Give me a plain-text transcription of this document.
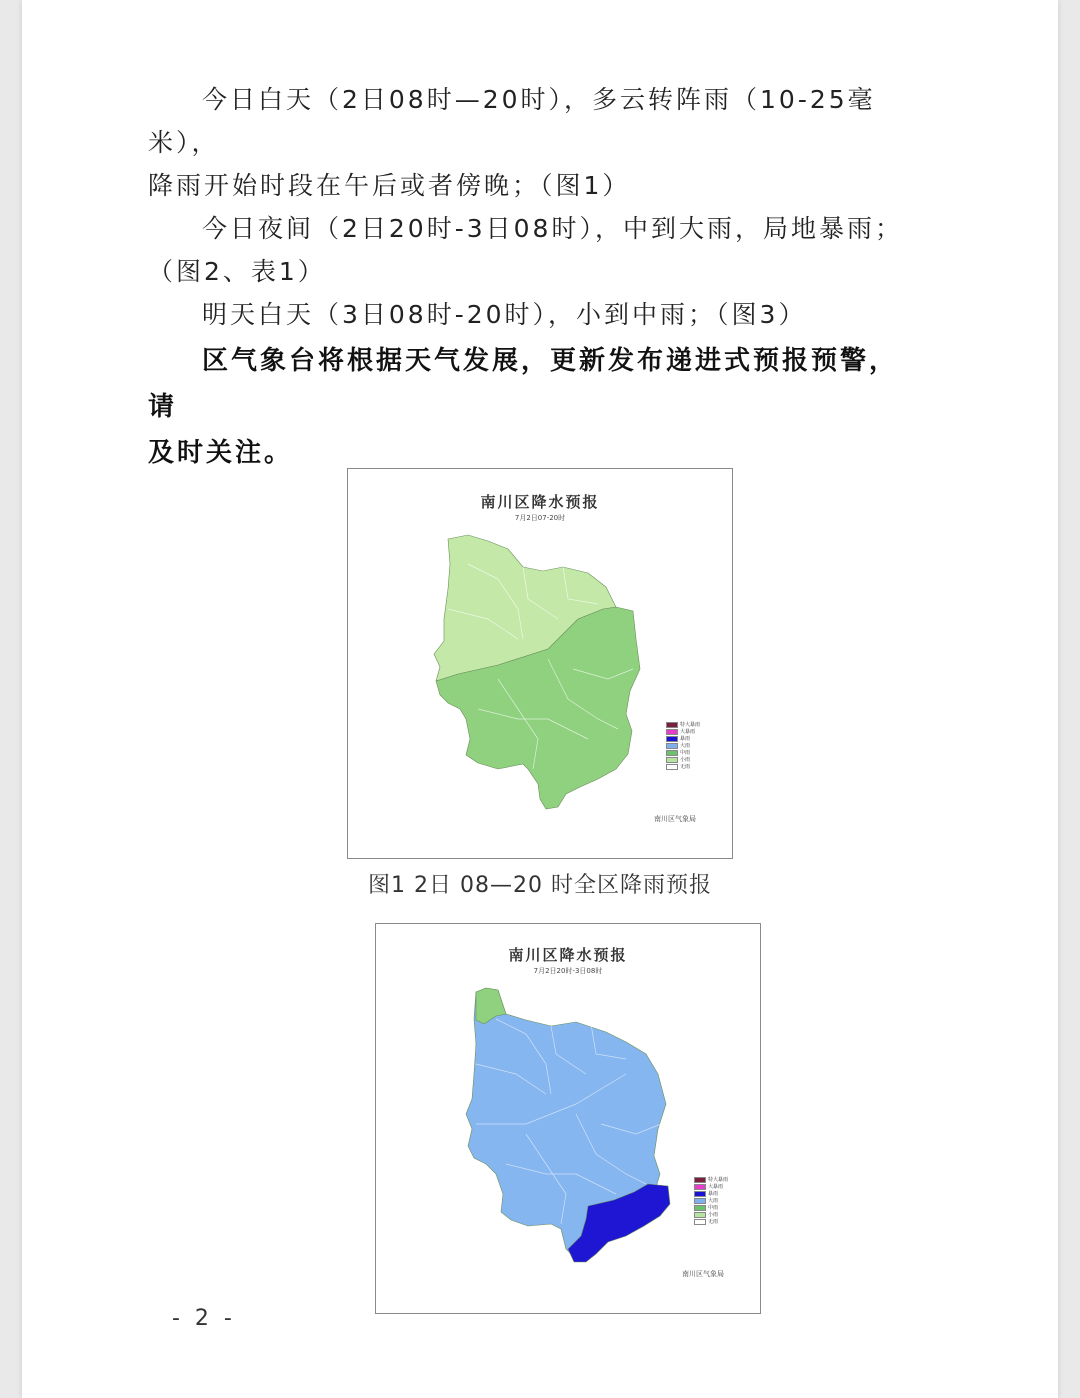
今日白天（2日08时—20时），多云转阵雨（10-25毫米），
降雨开始时段在午后或者傍晚；（图1）
今日夜间（2日20时-3日08时），中到大雨，局地暴雨；
（图2、表1）
明天白天（3日08时-20时），小到中雨；（图3）
区气象台将根据天气发展，更新发布递进式预报预警，请
及时关注。
南川区降水预报
7月2日07-20时
特大暴雨
大暴雨
暴雨
大雨
中雨
小雨
无雨
南川区气象局
图1 2日 08—20 时全区降雨预报
南川区降水预报
7月2日20时-3日08时
特大暴雨
大暴雨
暴雨
大雨
中雨
小雨
无雨
南川区气象局
- 2 -
